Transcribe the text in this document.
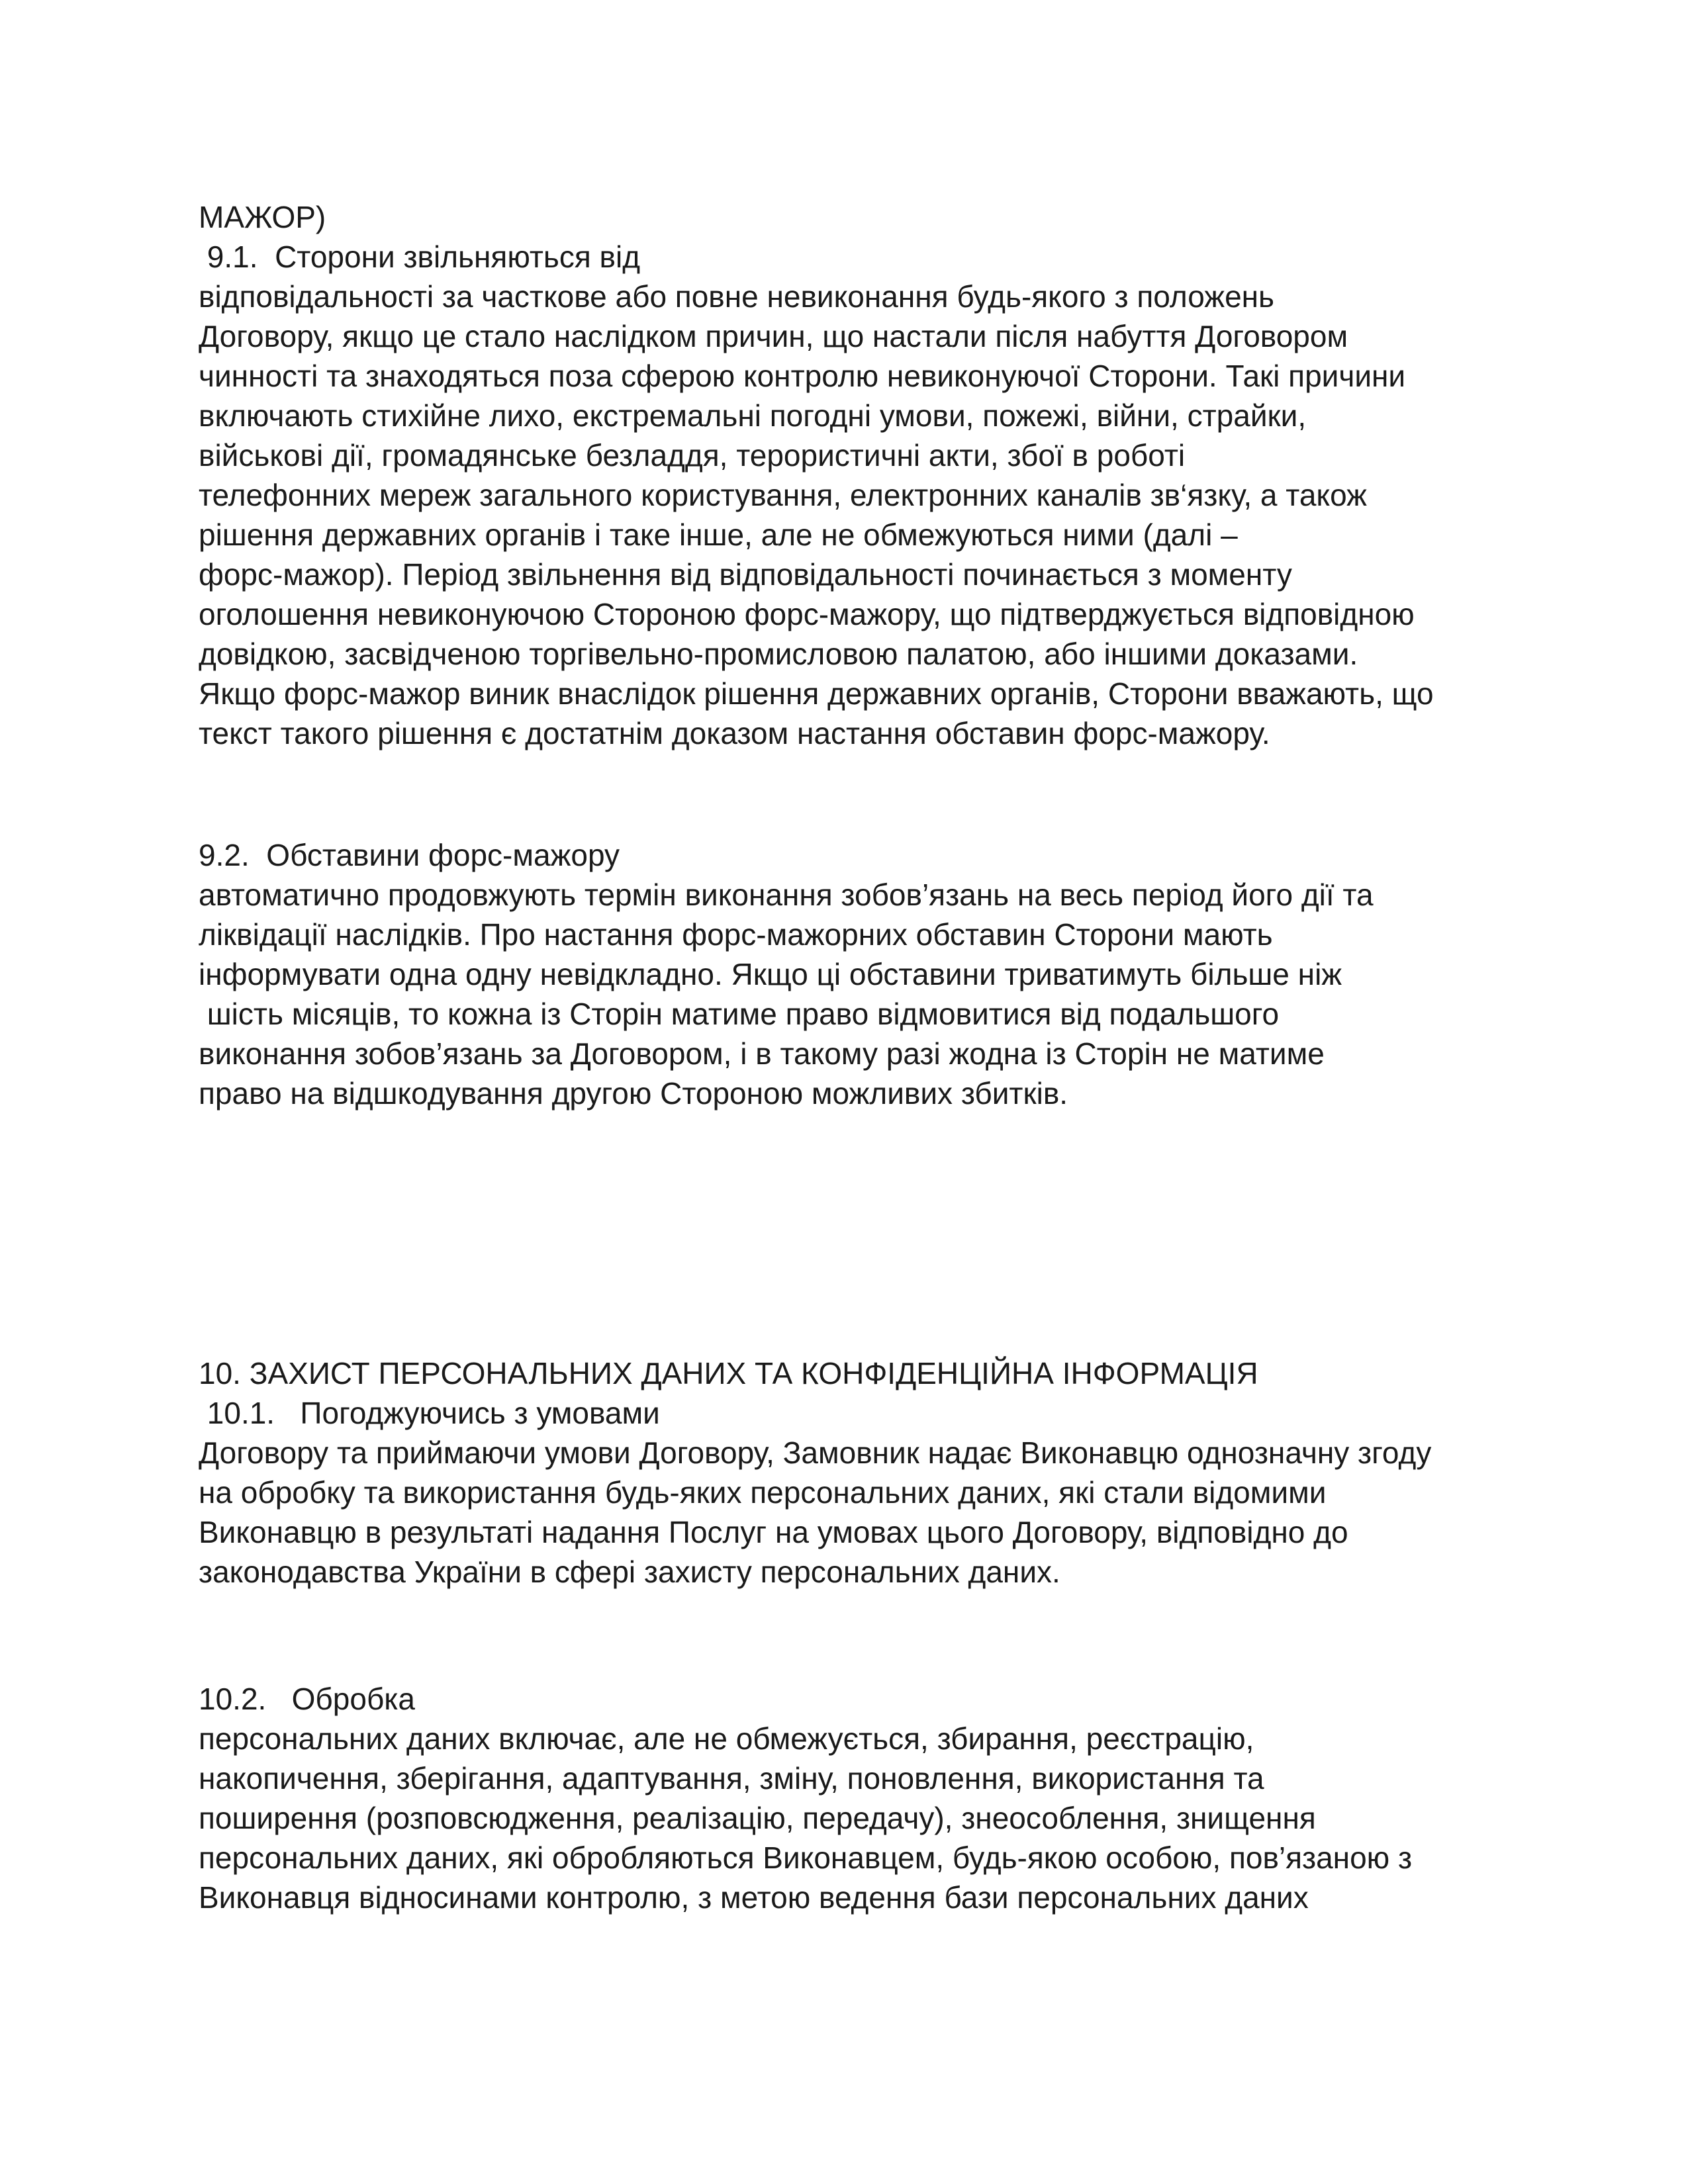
МАЖОР)
9.1.  Сторони звільняються від
відповідальності за часткове або повне невиконання будь-якого з положень
Договору, якщо це стало наслідком причин, що настали після набуття Договором
чинності та знаходяться поза сферою контролю невиконуючої Сторони. Такі причини
включають стихійне лихо, екстремальні погодні умови, пожежі, війни, страйки,
військові дії, громадянське безладдя, терористичні акти, збої в роботі
телефонних мереж загального користування, електронних каналів зв‘язку, а також
рішення державних органів і таке інше, але не обмежуються ними (далі –
форс-мажор). Період звільнення від відповідальності починається з моменту
оголошення невиконуючою Стороною форс-мажору, що підтверджується відповідною
довідкою, засвідченою торгівельно-промисловою палатою, або іншими доказами.
Якщо форс-мажор виник внаслідок рішення державних органів, Сторони вважають, що
текст такого рішення є достатнім доказом настання обставин форс-мажору.
9.2.  Обставини форс-мажору
автоматично продовжують термін виконання зобов’язань на весь період його дії та
ліквідації наслідків. Про настання форс-мажорних обставин Сторони мають
інформувати одна одну невідкладно. Якщо ці обставини триватимуть більше ніж
шість місяців, то кожна із Сторін матиме право відмовитися від подальшого
виконання зобов’язань за Договором, і в такому разі жодна із Сторін не матиме
право на відшкодування другою Стороною можливих збитків.
10. ЗАХИСТ ПЕРСОНАЛЬНИХ ДАНИХ ТА КОНФІДЕНЦІЙНА ІНФОРМАЦІЯ
10.1.   Погоджуючись з умовами
Договору та приймаючи умови Договору, Замовник надає Виконавцю однозначну згоду
на обробку та використання будь-яких персональних даних, які стали відомими
Виконавцю в результаті надання Послуг на умовах цього Договору, відповідно до
законодавства України в сфері захисту персональних даних.
10.2.   Обробка
персональних даних включає, але не обмежується, збирання, реєстрацію,
накопичення, зберігання, адаптування, зміну, поновлення, використання та
поширення (розповсюдження, реалізацію, передачу), знеособлення, знищення
персональних даних, які обробляються Виконавцем, будь-якою особою, пов’язаною з
Виконавця відносинами контролю, з метою ведення бази персональних даних
